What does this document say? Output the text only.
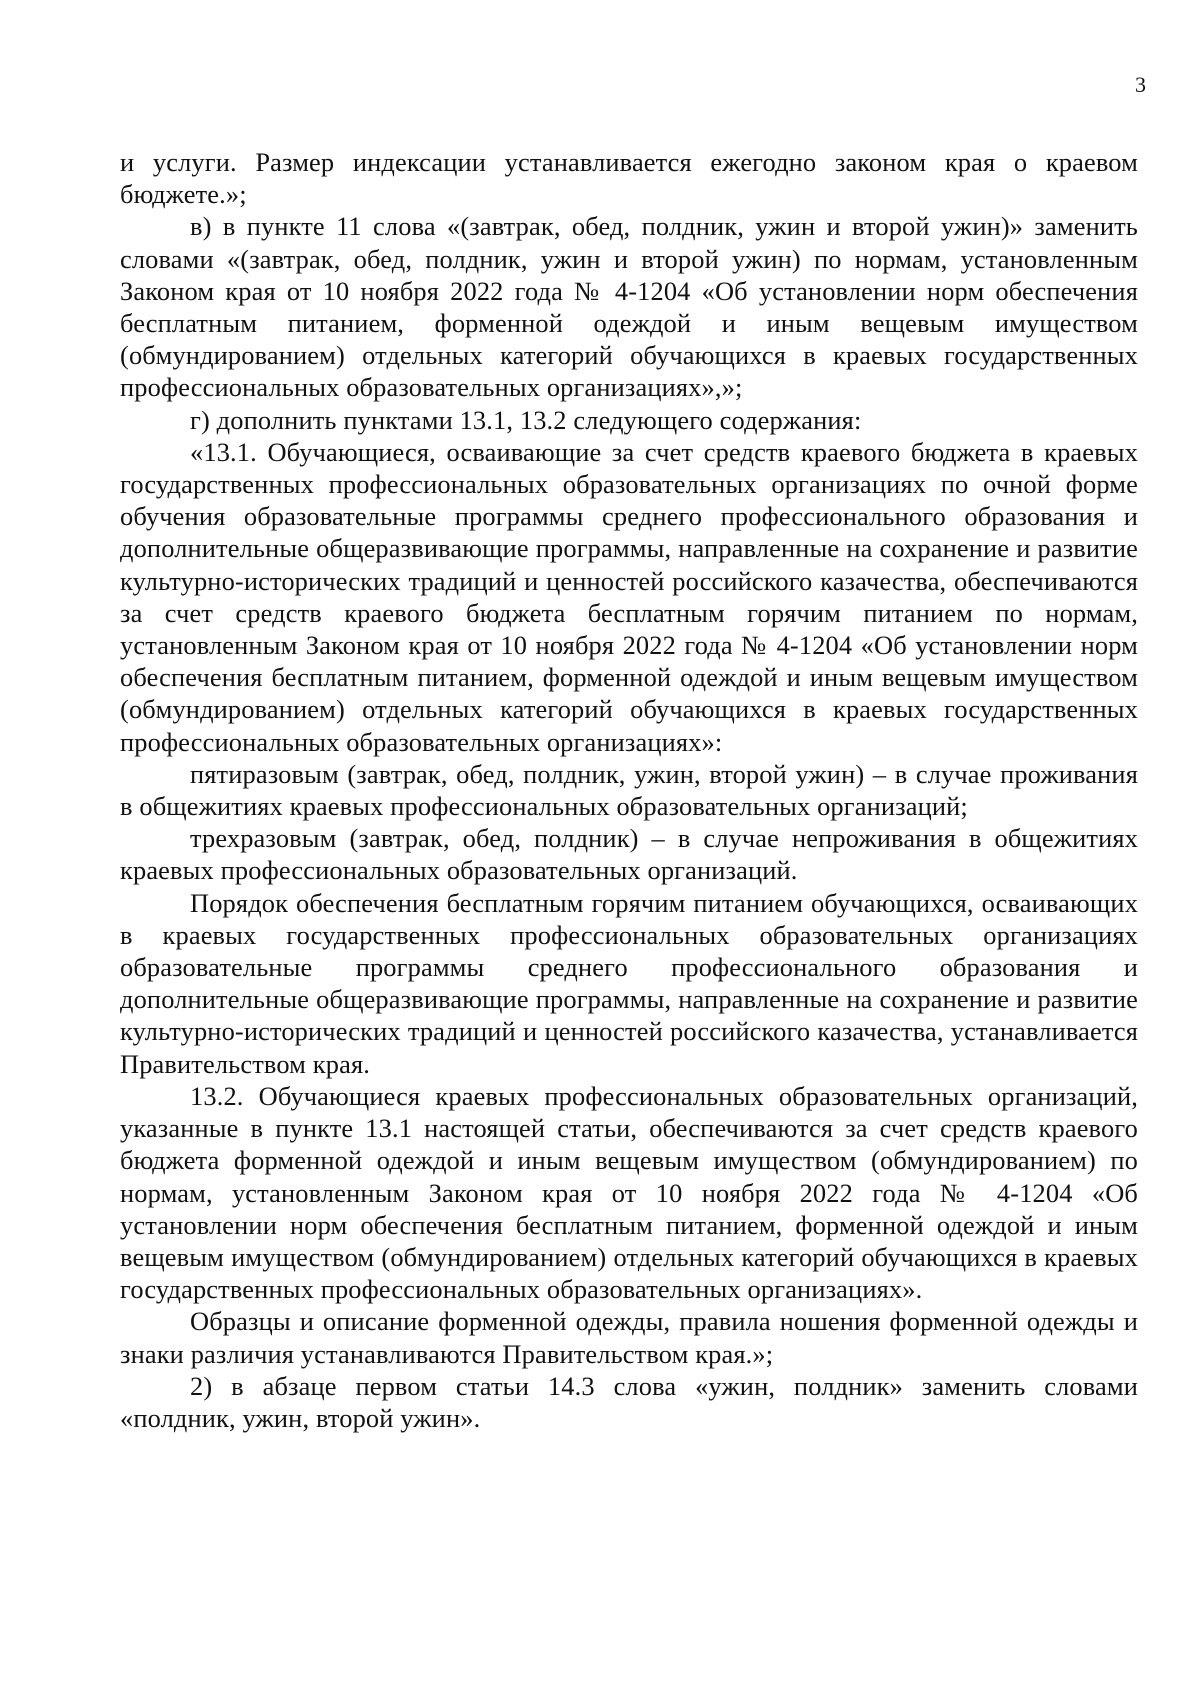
3

и услуги. Размер индексации устанавливается ежегодно законом края о краевом бюджете.»;

в) в пункте 11 слова «(завтрак, обед, полдник, ужин и второй ужин)» заменить словами «(завтрак, обед, полдник, ужин и второй ужин) по нормам, установленным Законом края от 10 ноября 2022 года № 4-1204 «Об установлении норм обеспечения бесплатным питанием, форменной одеждой и иным вещевым имуществом (обмундированием) отдельных категорий обучающихся в краевых государственных профессиональных образовательных организациях»,»;

г) дополнить пунктами 13.1, 13.2 следующего содержания:

«13.1. Обучающиеся, осваивающие за счет средств краевого бюджета в краевых государственных профессиональных образовательных организациях по очной форме обучения образовательные программы среднего профессионального образования и дополнительные общеразвивающие программы, направленные на сохранение и развитие культурно-исторических традиций и ценностей российского казачества, обеспечиваются за счет средств краевого бюджета бесплатным горячим питанием по нормам, установленным Законом края от 10 ноября 2022 года № 4-1204 «Об установлении норм обеспечения бесплатным питанием, форменной одеждой и иным вещевым имуществом (обмундированием) отдельных категорий обучающихся в краевых государственных профессиональных образовательных организациях»:

пятиразовым (завтрак, обед, полдник, ужин, второй ужин) – в случае проживания в общежитиях краевых профессиональных образовательных организаций;

трехразовым (завтрак, обед, полдник) – в случае непроживания в общежитиях краевых профессиональных образовательных организаций.

Порядок обеспечения бесплатным горячим питанием обучающихся, осваивающих в краевых государственных профессиональных образовательных организациях образовательные программы среднего профессионального образования и дополнительные общеразвивающие программы, направленные на сохранение и развитие культурно-исторических традиций и ценностей российского казачества, устанавливается Правительством края.

13.2. Обучающиеся краевых профессиональных образовательных организаций, указанные в пункте 13.1 настоящей статьи, обеспечиваются за счет средств краевого бюджета форменной одеждой и иным вещевым имуществом (обмундированием) по нормам, установленным Законом края от 10 ноября 2022 года № 4-1204 «Об установлении норм обеспечения бесплатным питанием, форменной одеждой и иным вещевым имуществом (обмундированием) отдельных категорий обучающихся в краевых государственных профессиональных образовательных организациях».

Образцы и описание форменной одежды, правила ношения форменной одежды и знаки различия устанавливаются Правительством края.»;

2) в абзаце первом статьи 14.3 слова «ужин, полдник» заменить словами «полдник, ужин, второй ужин».
